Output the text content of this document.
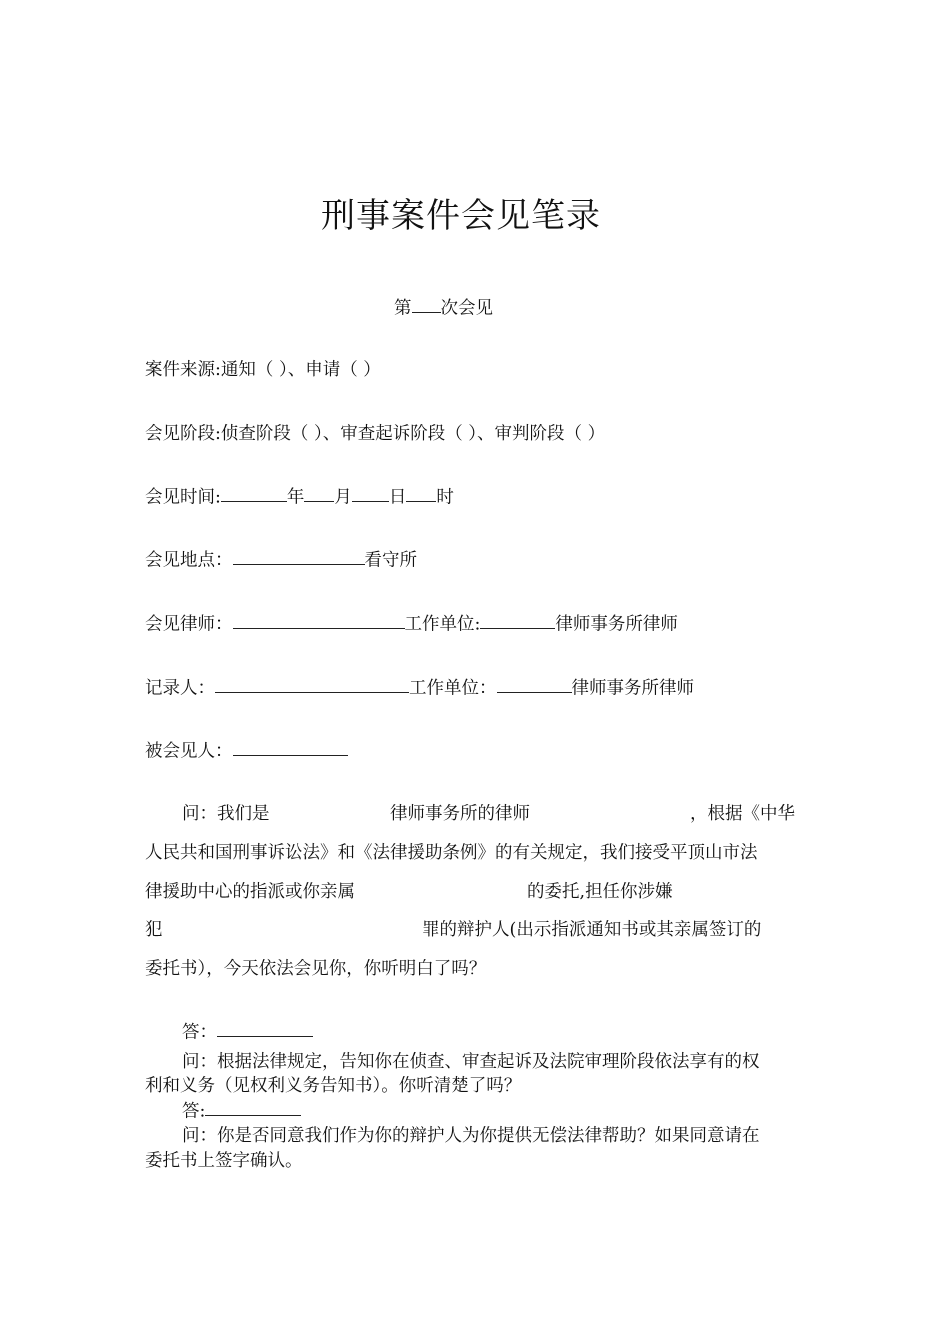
刑事案件会见笔录
第 次会见
案件来源:通知（ ）、申请（ ）
会见阶段:侦查阶段（ ）、审查起诉阶段（ ）、审判阶段（ ）
会见时间:	年 月 日 时
会见地点：	看守所
会见律师：	工作单位:	律师事务所律师
记录人：	工作单位：	律师事务所律师
被会见人：
问：我们是	律师事务所的律师	，根据《中华
人民共和国刑事诉讼法》和《法律援助条例》的有关规定，我们接受平顶山市法
律援助中心的指派或你亲属	的委托,担任你涉嫌
犯	罪的辩护人(出示指派通知书或其亲属签订的
委托书），今天依法会见你，你听明白了吗？
答：
问：根据法律规定，告知你在侦查、审查起诉及法院审理阶段依法享有的权
利和义务（见权利义务告知书）。你听清楚了吗？
答:
问：你是否同意我们作为你的辩护人为你提供无偿法律帮助？如果同意请在
委托书上签字确认。
